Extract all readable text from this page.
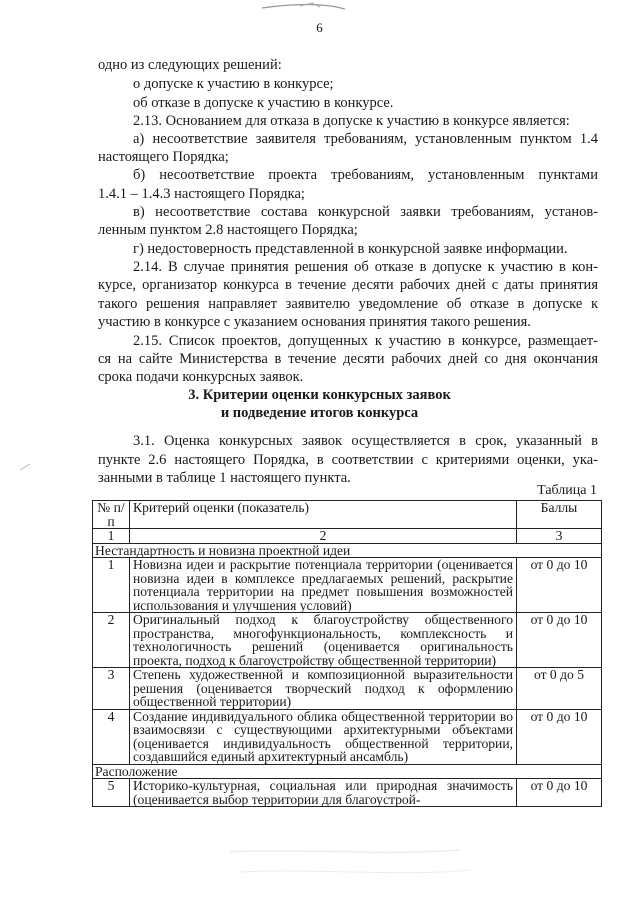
6
одно из следующих решений:
о допуске к участию в конкурсе;
об отказе в допуске к участию в конкурсе.
2.13. Основанием для отказа в допуске к участию в конкурсе является:
а) несоответствие заявителя требованиям, установленным пунктом 1.4
настоящего Порядка;
б) несоответствие проекта требованиям, установленным пунктами
1.4.1 – 1.4.3 настоящего Порядка;
в) несоответствие состава конкурсной заявки требованиям, установ-
ленным пунктом 2.8 настоящего Порядка;
г) недостоверность представленной в конкурсной заявке информации.
2.14. В случае принятия решения об отказе в допуске к участию в кон-
курсе, организатор конкурса в течение десяти рабочих дней с даты принятия
такого решения направляет заявителю уведомление об отказе в допуске к
участию в конкурсе с указанием основания принятия такого решения.
2.15. Список проектов, допущенных к участию в конкурсе, размещает-
ся на сайте Министерства в течение десяти рабочих дней со дня окончания
срока подачи конкурсных заявок.
3. Критерии оценки конкурсных заявок
и подведение итогов конкурса
3.1. Оценка конкурсных заявок осуществляется в срок, указанный в
пункте 2.6 настоящего Порядка, в соответствии с критериями оценки, ука-
занными в таблице 1 настоящего пункта.
Таблица 1
№ п/п	Критерий оценки (показатель)	Баллы
1	2	3
Нестандартность и новизна проектной идеи		
1	Новизна идеи и раскрытие потенциала территории (оценивается новизна идеи в комплексе предлагаемых решений, раскрытие потенциала территории на предмет повышения возможностей использования и улучшения условий)	от 0 до 10
2	Оригинальный подход к благоустройству общественного пространства, многофункциональность, комплексность и технологичность решений (оценивается оригинальность проекта, подход к благоустройству общественной территории)	от 0 до 10
3	Степень художественной и композиционной выразительности решения (оценивается творческий подход к оформлению общественной территории)	от 0 до 5
4	Создание индивидуального облика общественной территории во взаимосвязи с существующими архитектурными объектами (оценивается индивидуальность общественной территории, создавшийся единый архитектурный ансамбль)	от 0 до 10
Расположение		
5	Историко-культурная, социальная или природная значимость (оценивается выбор территории для благоустрой-	от 0 до 10
